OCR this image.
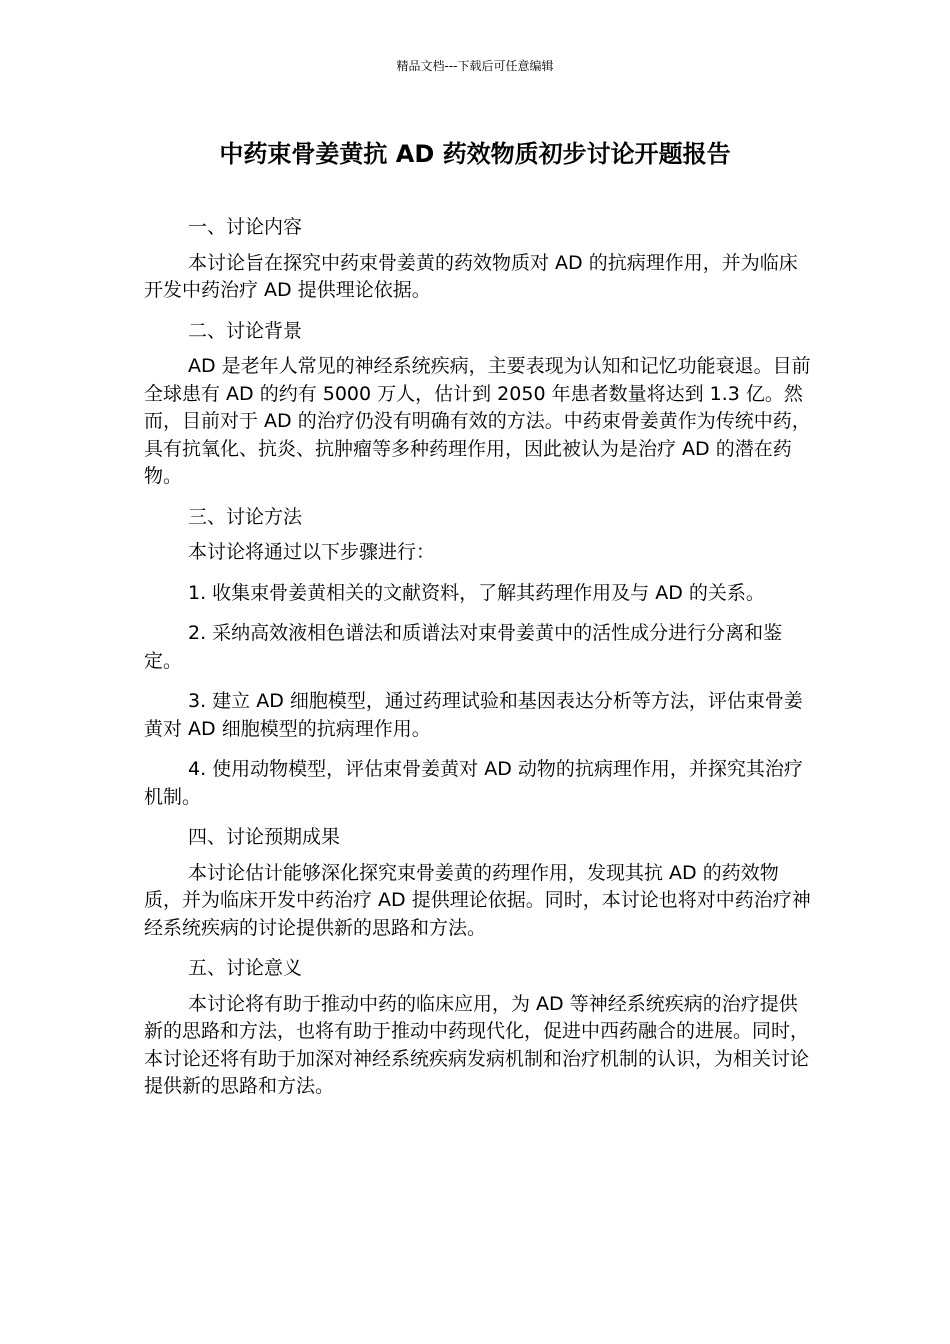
精品文档---下载后可任意编辑
中药束骨姜黄抗 AD 药效物质初步讨论开题报告

一、讨论内容

本讨论旨在探究中药束骨姜黄的药效物质对 AD 的抗病理作用，并为临床开发中药治疗 AD 提供理论依据。

二、讨论背景

AD 是老年人常见的神经系统疾病，主要表现为认知和记忆功能衰退。目前全球患有 AD 的约有 5000 万人，估计到 2050 年患者数量将达到 1.3 亿。然而，目前对于 AD 的治疗仍没有明确有效的方法。中药束骨姜黄作为传统中药，具有抗氧化、抗炎、抗肿瘤等多种药理作用，因此被认为是治疗 AD 的潜在药物。

三、讨论方法

本讨论将通过以下步骤进行：

1. 收集束骨姜黄相关的文献资料，了解其药理作用及与 AD 的关系。

2. 采纳高效液相色谱法和质谱法对束骨姜黄中的活性成分进行分离和鉴定。

3. 建立 AD 细胞模型，通过药理试验和基因表达分析等方法，评估束骨姜黄对 AD 细胞模型的抗病理作用。

4. 使用动物模型，评估束骨姜黄对 AD 动物的抗病理作用，并探究其治疗机制。

四、讨论预期成果

本讨论估计能够深化探究束骨姜黄的药理作用，发现其抗 AD 的药效物质，并为临床开发中药治疗 AD 提供理论依据。同时，本讨论也将对中药治疗神经系统疾病的讨论提供新的思路和方法。

五、讨论意义

本讨论将有助于推动中药的临床应用，为 AD 等神经系统疾病的治疗提供新的思路和方法，也将有助于推动中药现代化，促进中西药融合的进展。同时，本讨论还将有助于加深对神经系统疾病发病机制和治疗机制的认识，为相关讨论提供新的思路和方法。
